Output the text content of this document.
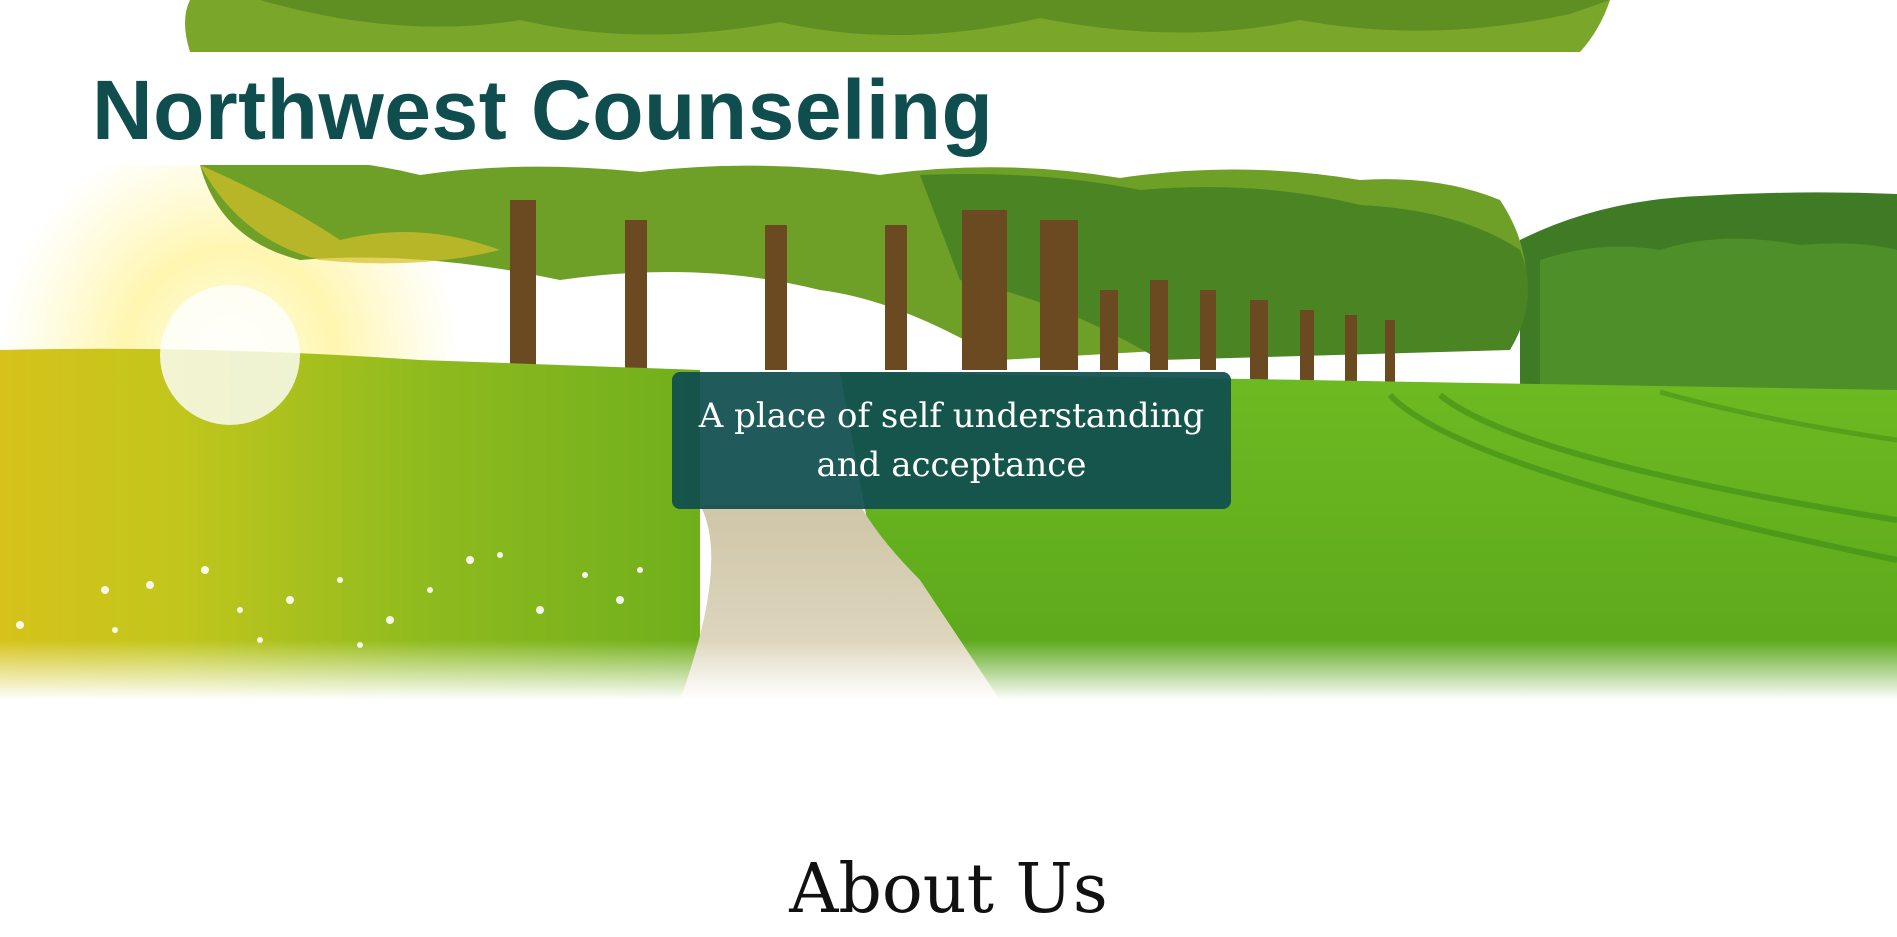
Northwest Counseling

A place of self understanding and acceptance

About Us
